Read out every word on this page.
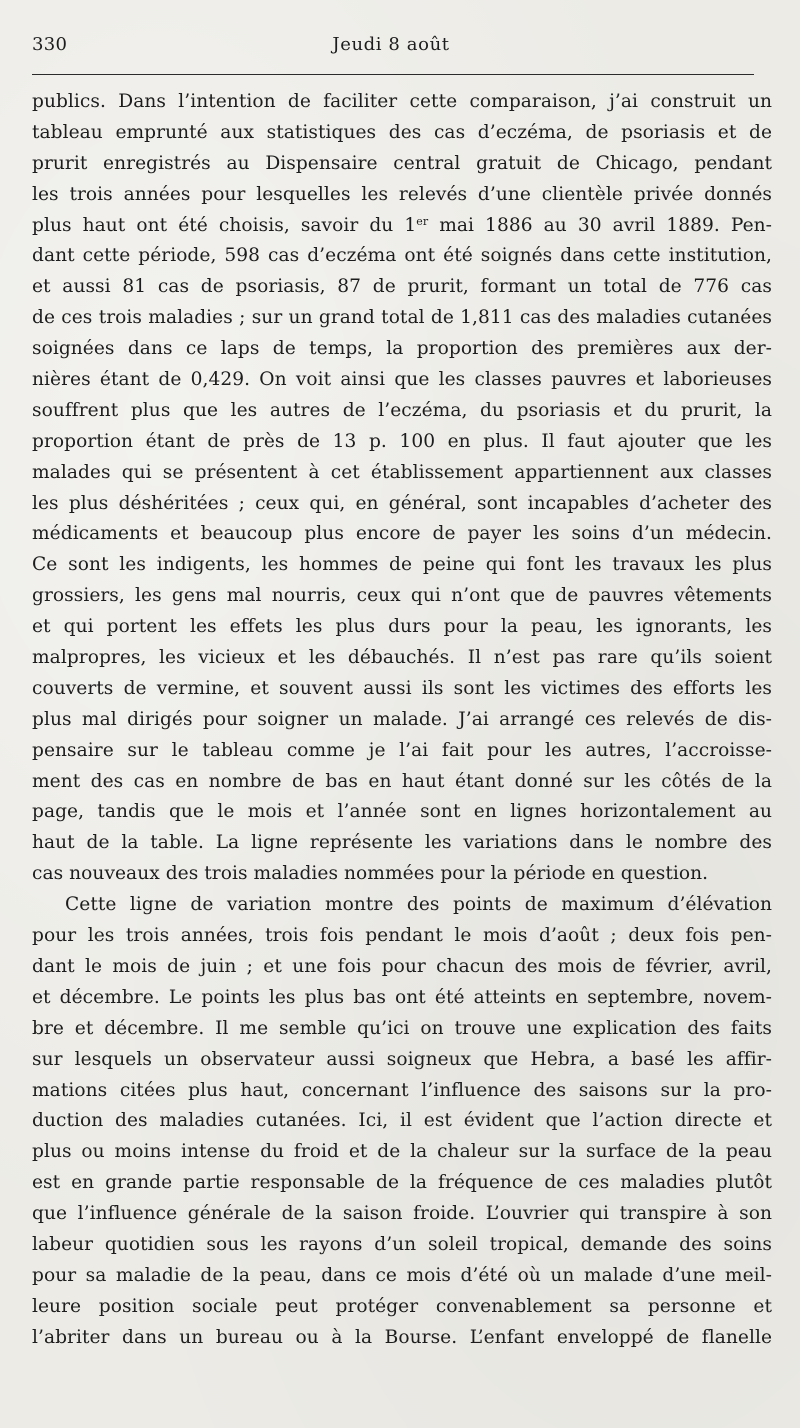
330	Jeudi 8 août
publics. Dans l’intention de faciliter cette comparaison, j’ai construit un
tableau emprunté aux statistiques des cas d’eczéma, de psoriasis et de
prurit enregistrés au Dispensaire central gratuit de Chicago, pendant
les trois années pour lesquelles les relevés d’une clientèle privée donnés
plus haut ont été choisis, savoir du 1er mai 1886 au 30 avril 1889. Pen-
dant cette période, 598 cas d’eczéma ont été soignés dans cette institution,
et aussi 81 cas de psoriasis, 87 de prurit, formant un total de 776 cas
de ces trois maladies ; sur un grand total de 1,811 cas des maladies cutanées
soignées dans ce laps de temps, la proportion des premières aux der-
nières étant de 0,429. On voit ainsi que les classes pauvres et laborieuses
souffrent plus que les autres de l’eczéma, du psoriasis et du prurit, la
proportion étant de près de 13 p. 100 en plus. Il faut ajouter que les
malades qui se présentent à cet établissement appartiennent aux classes
les plus déshéritées ; ceux qui, en général, sont incapables d’acheter des
médicaments et beaucoup plus encore de payer les soins d’un médecin.
Ce sont les indigents, les hommes de peine qui font les travaux les plus
grossiers, les gens mal nourris, ceux qui n’ont que de pauvres vêtements
et qui portent les effets les plus durs pour la peau, les ignorants, les
malpropres, les vicieux et les débauchés. Il n’est pas rare qu’ils soient
couverts de vermine, et souvent aussi ils sont les victimes des efforts les
plus mal dirigés pour soigner un malade. J’ai arrangé ces relevés de dis-
pensaire sur le tableau comme je l’ai fait pour les autres, l’accroisse-
ment des cas en nombre de bas en haut étant donné sur les côtés de la
page, tandis que le mois et l’année sont en lignes horizontalement au
haut de la table. La ligne représente les variations dans le nombre des
cas nouveaux des trois maladies nommées pour la période en question.
Cette ligne de variation montre des points de maximum d’élévation
pour les trois années, trois fois pendant le mois d’août ; deux fois pen-
dant le mois de juin ; et une fois pour chacun des mois de février, avril,
et décembre. Le points les plus bas ont été atteints en septembre, novem-
bre et décembre. Il me semble qu’ici on trouve une explication des faits
sur lesquels un observateur aussi soigneux que Hebra, a basé les affir-
mations citées plus haut, concernant l’influence des saisons sur la pro-
duction des maladies cutanées. Ici, il est évident que l’action directe et
plus ou moins intense du froid et de la chaleur sur la surface de la peau
est en grande partie responsable de la fréquence de ces maladies plutôt
que l’influence générale de la saison froide. L’ouvrier qui transpire à son
labeur quotidien sous les rayons d’un soleil tropical, demande des soins
pour sa maladie de la peau, dans ce mois d’été où un malade d’une meil-
leure position sociale peut protéger convenablement sa personne et
l’abriter dans un bureau ou à la Bourse. L’enfant enveloppé de flanelle
